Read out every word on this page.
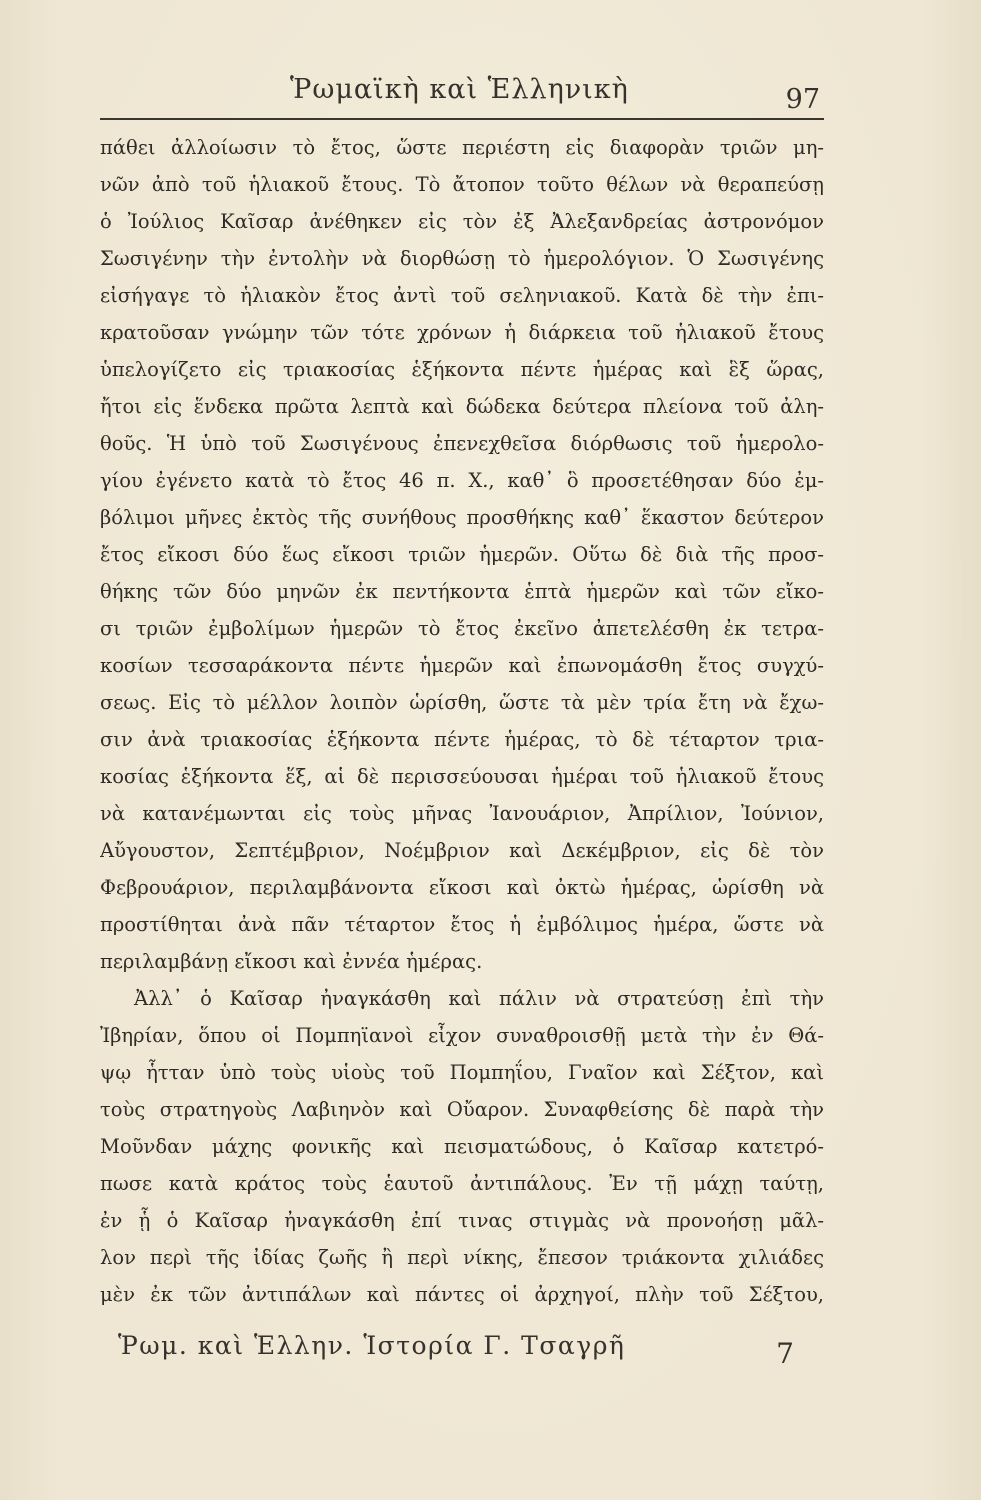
Ῥωμαϊκὴ καὶ Ἑλληνικὴ	97
πάθει ἀλλοίωσιν τὸ ἔτος, ὥστε περιέστη εἰς διαφορὰν τριῶν μη-
νῶν ἀπὸ τοῦ ἡλιακοῦ ἔτους. Τὸ ἄτοπον τοῦτο θέλων νὰ θεραπεύσῃ
ὁ Ἰούλιος Καῖσαρ ἀνέθηκεν εἰς τὸν ἐξ Ἀλεξανδρείας ἀστρονόμον
Σωσιγένην τὴν ἐντολὴν νὰ διορθώσῃ τὸ ἡμερολόγιον. Ὁ Σωσιγένης
εἰσήγαγε τὸ ἡλιακὸν ἔτος ἀντὶ τοῦ σεληνιακοῦ. Κατὰ δὲ τὴν ἐπι-
κρατοῦσαν γνώμην τῶν τότε χρόνων ἡ διάρκεια τοῦ ἡλιακοῦ ἔτους
ὑπελογίζετο εἰς τριακοσίας ἑξήκοντα πέντε ἡμέρας καὶ ἓξ ὥρας,
ἤτοι εἰς ἕνδεκα πρῶτα λεπτὰ καὶ δώδεκα δεύτερα πλείονα τοῦ ἀλη-
θοῦς. Ἡ ὑπὸ τοῦ Σωσιγένους ἐπενεχθεῖσα διόρθωσις τοῦ ἡμερολο-
γίου ἐγένετο κατὰ τὸ ἔτος 46 π. Χ., καθ᾿ ὃ προσετέθησαν δύο ἐμ-
βόλιμοι μῆνες ἐκτὸς τῆς συνήθους προσθήκης καθ᾿ ἕκαστον δεύτερον
ἔτος εἴκοσι δύο ἕως εἴκοσι τριῶν ἡμερῶν. Οὕτω δὲ διὰ τῆς προσ-
θήκης τῶν δύο μηνῶν ἐκ πεντήκοντα ἑπτὰ ἡμερῶν καὶ τῶν εἴκο-
σι τριῶν ἐμβολίμων ἡμερῶν τὸ ἔτος ἐκεῖνο ἀπετελέσθη ἐκ τετρα-
κοσίων τεσσαράκοντα πέντε ἡμερῶν καὶ ἐπωνομάσθη ἔτος συγχύ-
σεως. Εἰς τὸ μέλλον λοιπὸν ὡρίσθη, ὥστε τὰ μὲν τρία ἔτη νὰ ἔχω-
σιν ἀνὰ τριακοσίας ἑξήκοντα πέντε ἡμέρας, τὸ δὲ τέταρτον τρια-
κοσίας ἑξήκοντα ἕξ, αἱ δὲ περισσεύουσαι ἡμέραι τοῦ ἡλιακοῦ ἔτους
νὰ κατανέμωνται εἰς τοὺς μῆνας Ἰανουάριον, Ἀπρίλιον, Ἰούνιον,
Αὔγουστον, Σεπτέμβριον, Νοέμβριον καὶ Δεκέμβριον, εἰς δὲ τὸν
Φεβρουάριον, περιλαμβάνοντα εἴκοσι καὶ ὀκτὼ ἡμέρας, ὡρίσθη νὰ
προστίθηται ἀνὰ πᾶν τέταρτον ἔτος ἡ ἐμβόλιμος ἡμέρα, ὥστε νὰ
περιλαμβάνῃ εἴκοσι καὶ ἐννέα ἡμέρας.
Ἀλλ᾿ ὁ Καῖσαρ ἠναγκάσθη καὶ πάλιν νὰ στρατεύσῃ ἐπὶ τὴν
Ἰβηρίαν, ὅπου οἱ Πομπηϊανοὶ εἶχον συναθροισθῇ μετὰ τὴν ἐν Θά-
ψῳ ἧτταν ὑπὸ τοὺς υἱοὺς τοῦ Πομπηΐου, Γναῖον καὶ Σέξτον, καὶ
τοὺς στρατηγοὺς Λαβιηνὸν καὶ Οὔαρον. Συναφθείσης δὲ παρὰ τὴν
Μοῦνδαν μάχης φονικῆς καὶ πεισματώδους, ὁ Καῖσαρ κατετρό-
πωσε κατὰ κράτος τοὺς ἑαυτοῦ ἀντιπάλους. Ἐν τῇ μάχῃ ταύτῃ,
ἐν ᾗ ὁ Καῖσαρ ἠναγκάσθη ἐπί τινας στιγμὰς νὰ προνοήσῃ μᾶλ-
λον περὶ τῆς ἰδίας ζωῆς ἢ περὶ νίκης, ἔπεσον τριάκοντα χιλιάδες
μὲν ἐκ τῶν ἀντιπάλων καὶ πάντες οἱ ἀρχηγοί, πλὴν τοῦ Σέξτου,
Ῥωμ. καὶ Ἑλλην. Ἱστορία Γ. Τσαγρῆ	7
